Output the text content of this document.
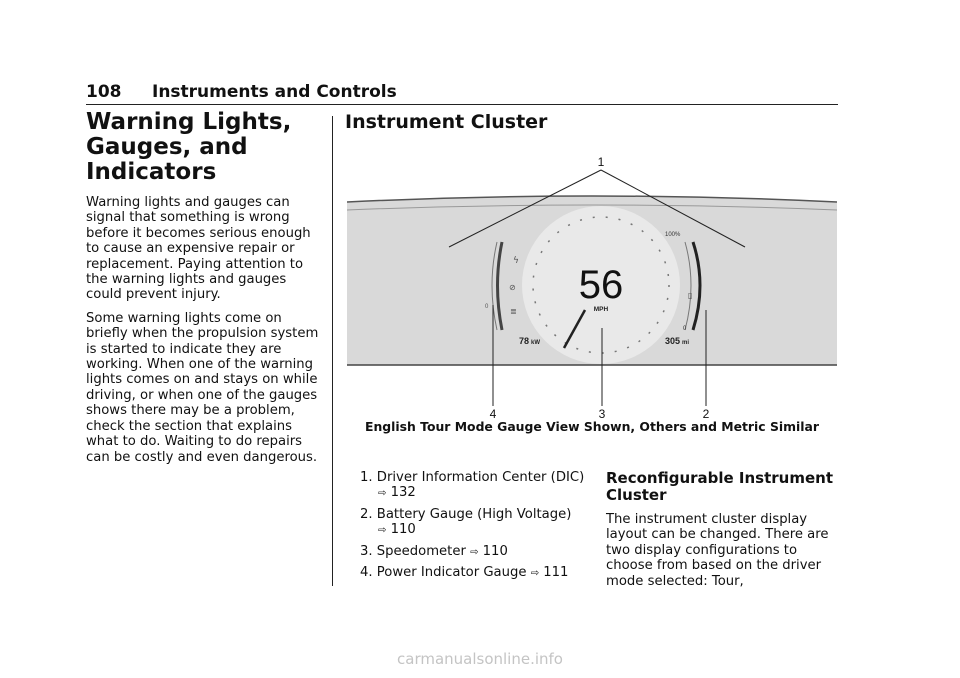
108 Instruments and Controls
Warning Lights, Gauges, and Indicators

Warning lights and gauges can signal that something is wrong before it becomes serious enough to cause an expensive repair or replacement. Paying attention to the warning lights and gauges could prevent injury.

Some warning lights come on briefly when the propulsion system is started to indicate they are working. When one of the warning lights comes on and stays on while driving, or when one of the gauges shows there may be a problem, check the section that explains what to do. Waiting to do repairs can be costly and even dangerous.

Instrument Cluster
56
MPH
0
ϟ
⊘
≣
78 kW
100%
0
▯
305 mi
1
2
3
4
English Tour Mode Gauge View Shown, Others and Metric Similar
1. Driver Information Center (DIC) ⇨ 132
2. Battery Gauge (High Voltage) ⇨ 110
3. Speedometer ⇨ 110
4. Power Indicator Gauge ⇨ 111
Reconfigurable Instrument Cluster

The instrument cluster display layout can be changed. There are two display configurations to choose from based on the driver mode selected: Tour,

carmanualsonline.info
